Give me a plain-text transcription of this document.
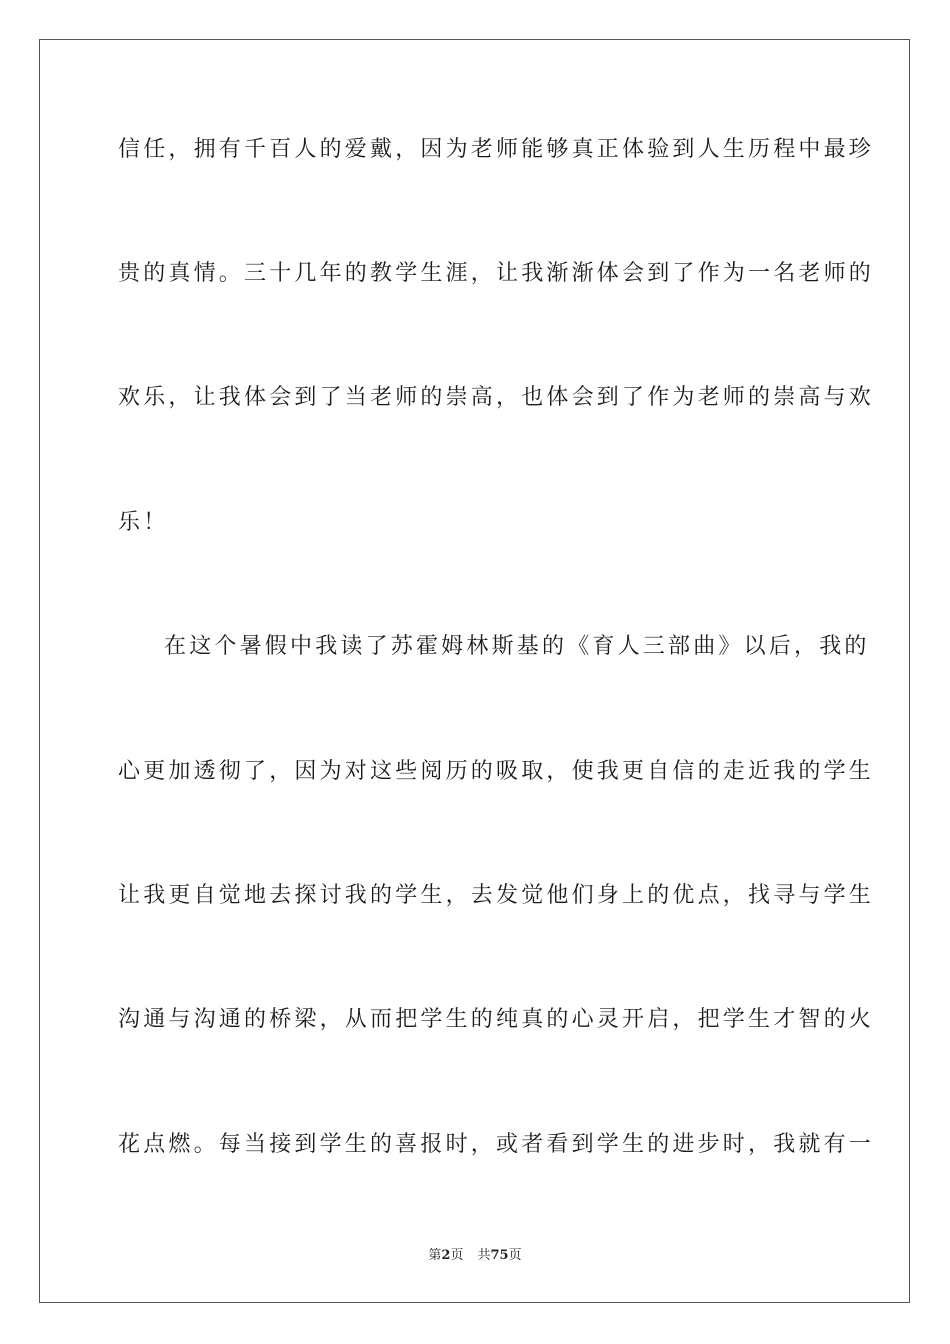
信任，拥有千百人的爱戴，因为老师能够真正体验到人生历程中最珍
贵的真情。三十几年的教学生涯，让我渐渐体会到了作为一名老师的
欢乐，让我体会到了当老师的崇高，也体会到了作为老师的崇高与欢
乐！
在这个暑假中我读了苏霍姆林斯基的《育人三部曲》以后，我的
心更加透彻了，因为对这些阅历的吸取，使我更自信的走近我的学生
让我更自觉地去探讨我的学生，去发觉他们身上的优点，找寻与学生
沟通与沟通的桥梁，从而把学生的纯真的心灵开启，把学生才智的火
花点燃。每当接到学生的喜报时，或者看到学生的进步时，我就有一
第2页 共75页
